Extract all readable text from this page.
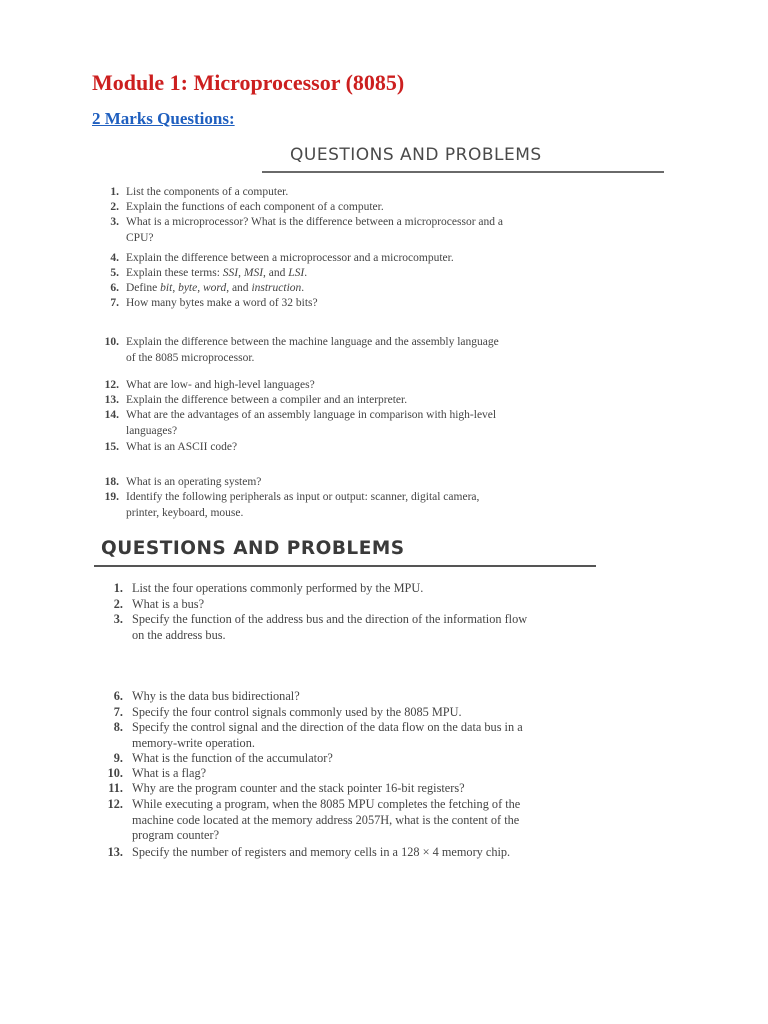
Module 1: Microprocessor (8085)
2 Marks Questions:
QUESTIONS AND PROBLEMS
1. List the components of a computer.
2. Explain the functions of each component of a computer.
3. What is a microprocessor? What is the difference between a microprocessor and a
CPU?
4. Explain the difference between a microprocessor and a microcomputer.
5. Explain these terms: SSI, MSI, and LSI.
6. Define bit, byte, word, and instruction.
7. How many bytes make a word of 32 bits?
10. Explain the difference between the machine language and the assembly language
of the 8085 microprocessor.
12. What are low- and high-level languages?
13. Explain the difference between a compiler and an interpreter.
14. What are the advantages of an assembly language in comparison with high-level
languages?
15. What is an ASCII code?
18. What is an operating system?
19. Identify the following peripherals as input or output: scanner, digital camera,
printer, keyboard, mouse.
QUESTIONS AND PROBLEMS
1. List the four operations commonly performed by the MPU.
2. What is a bus?
3. Specify the function of the address bus and the direction of the information flow
on the address bus.
6. Why is the data bus bidirectional?
7. Specify the four control signals commonly used by the 8085 MPU.
8. Specify the control signal and the direction of the data flow on the data bus in a
memory-write operation.
9. What is the function of the accumulator?
10. What is a flag?
11. Why are the program counter and the stack pointer 16-bit registers?
12. While executing a program, when the 8085 MPU completes the fetching of the
machine code located at the memory address 2057H, what is the content of the
program counter?
13. Specify the number of registers and memory cells in a 128 × 4 memory chip.
